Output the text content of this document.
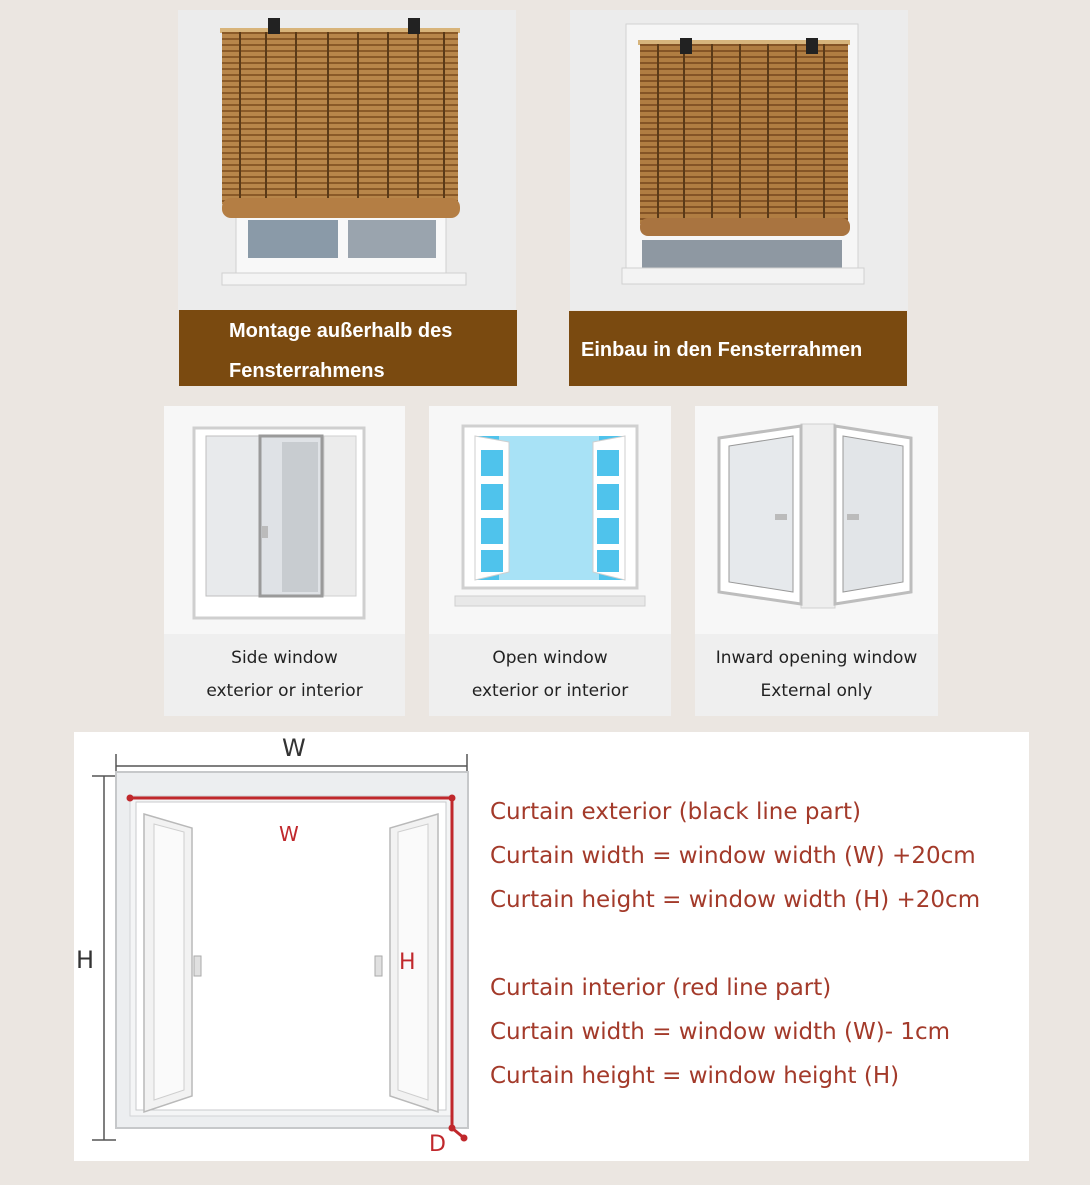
Montage außerhalb des
Fensterrahmens
Einbau in den Fensterrahmen
Side window
exterior or interior
Open window
exterior or interior
Inward opening window
External only
W
H
W
H
D
Curtain exterior (black line part)
Curtain width = window width (W) +20cm
Curtain height = window width (H) +20cm
Curtain interior (red line part)
Curtain width = window width (W)- 1cm
Curtain height = window height (H)
